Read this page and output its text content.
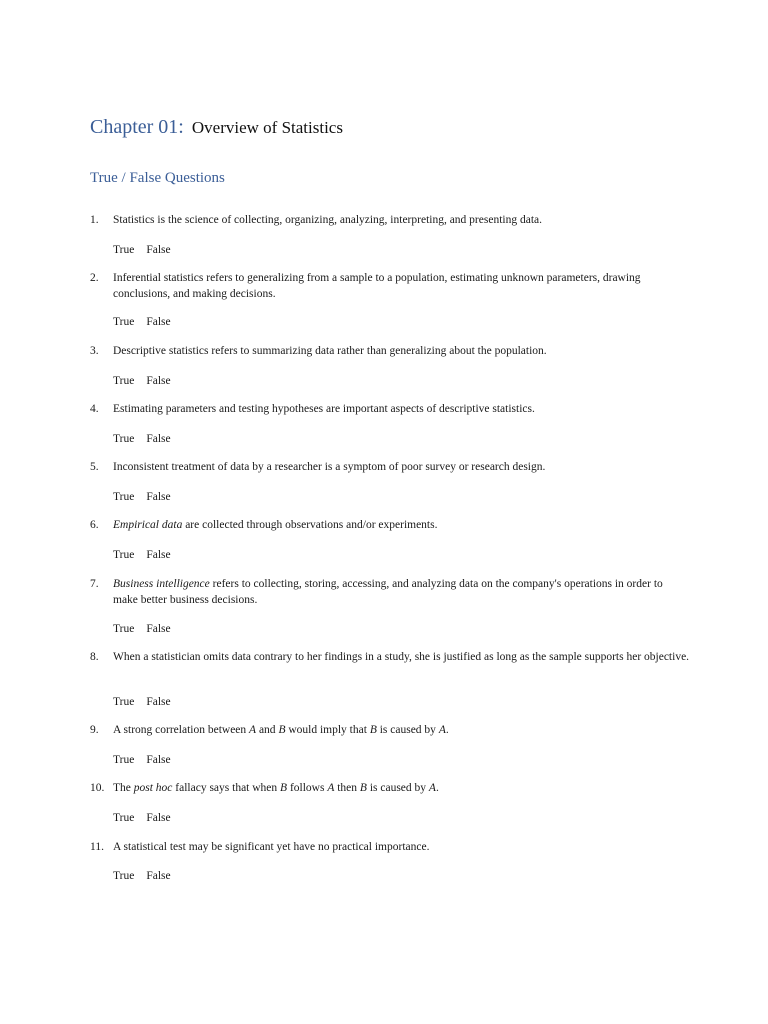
Chapter 01: Overview of Statistics
True / False Questions
1.	Statistics is the science of collecting, organizing, analyzing, interpreting, and presenting data.
True False
2.	Inferential statistics refers to generalizing from a sample to a population, estimating unknown parameters, drawing conclusions, and making decisions.
True False
3.	Descriptive statistics refers to summarizing data rather than generalizing about the population.
True False
4.	Estimating parameters and testing hypotheses are important aspects of descriptive statistics.
True False
5.	Inconsistent treatment of data by a researcher is a symptom of poor survey or research design.
True False
6.	Empirical data are collected through observations and/or experiments.
True False
7.	Business intelligence refers to collecting, storing, accessing, and analyzing data on the company's operations in order to make better business decisions.
True False
8.	When a statistician omits data contrary to her findings in a study, she is justified as long as the sample supports her objective.
True False
9.	A strong correlation between A and B would imply that B is caused by A.
True False
10. The post hoc fallacy says that when B follows A then B is caused by A.
True False
11. A statistical test may be significant yet have no practical importance.
True False
